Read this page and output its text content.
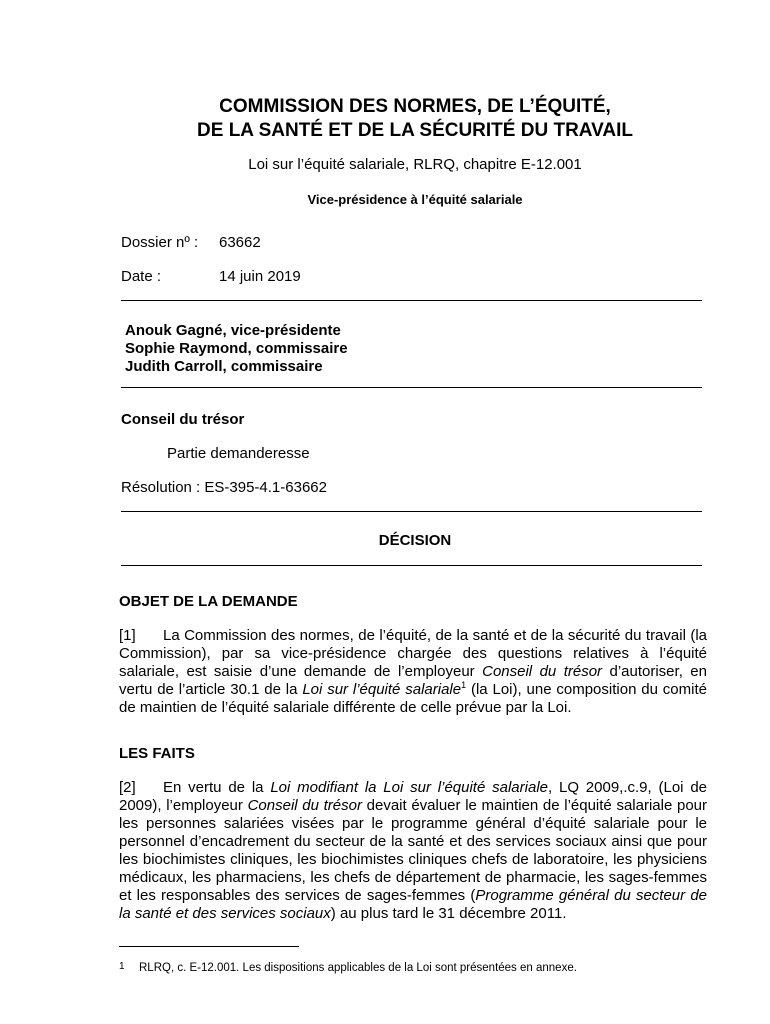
COMMISSION DES NORMES, DE L’ÉQUITÉ,
DE LA SANTÉ ET DE LA SÉCURITÉ DU TRAVAIL
Loi sur l’équité salariale, RLRQ, chapitre E-12.001
Vice-présidence à l’équité salariale
Dossier nº : 63662
Date :	14 juin 2019
Anouk Gagné, vice-présidente
Sophie Raymond, commissaire
Judith Carroll, commissaire
Conseil du trésor
Partie demanderesse
Résolution : ES-395-4.1-63662
DÉCISION
OBJET DE LA DEMANDE
[1] La Commission des normes, de l’équité, de la santé et de la sécurité du travail (la Commission), par sa vice-présidence chargée des questions relatives à l’équité salariale, est saisie d’une demande de l’employeur Conseil du trésor d’autoriser, en vertu de l’article 30.1 de la Loi sur l’équité salariale$^1$ (la Loi), une composition du comité de maintien de l’équité salariale différente de celle prévue par la Loi.
LES FAITS
[2] En vertu de la Loi modifiant la Loi sur l’équité salariale, LQ 2009,.c.9, (Loi de 2009), l’employeur Conseil du trésor devait évaluer le maintien de l’équité salariale pour les personnes salariées visées par le programme général d’équité salariale pour le personnel d’encadrement du secteur de la santé et des services sociaux ainsi que pour les biochimistes cliniques, les biochimistes cliniques chefs de laboratoire, les physiciens médicaux, les pharmaciens, les chefs de département de pharmacie, les sages-femmes et les responsables des services de sages-femmes (Programme général du secteur de la santé et des services sociaux) au plus tard le 31 décembre 2011.
1 RLRQ, c. E-12.001. Les dispositions applicables de la Loi sont présentées en annexe.
